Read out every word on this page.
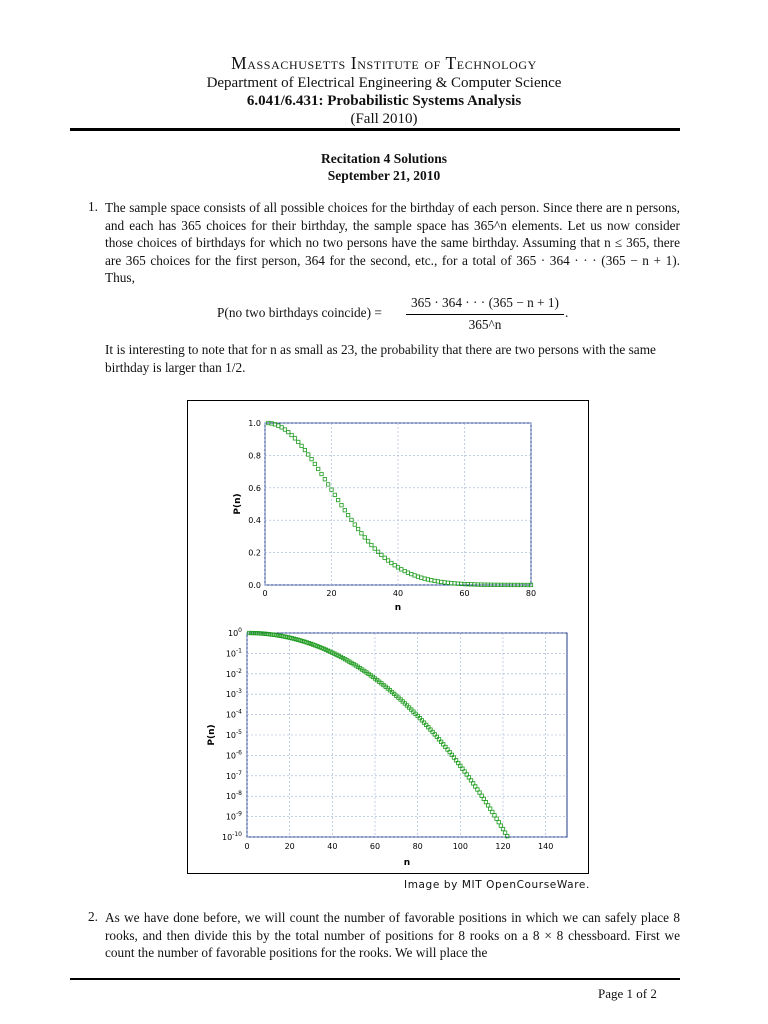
Massachusetts Institute of Technology
Department of Electrical Engineering & Computer Science
6.041/6.431: Probabilistic Systems Analysis
(Fall 2010)
Recitation 4 Solutions
September 21, 2010
1. The sample space consists of all possible choices for the birthday of each person. Since there are n persons, and each has 365 choices for their birthday, the sample space has 365^n elements. Let us now consider those choices of birthdays for which no two persons have the same birthday. Assuming that n ≤ 365, there are 365 choices for the first person, 364 for the second, etc., for a total of 365 · 364 · · · (365 − n + 1). Thus,
P(no two birthdays coincide) =
365 · 364 · · · (365 − n + 1)
365^n
.
It is interesting to note that for n as small as 23, the probability that there are two persons with the same birthday is larger than 1/2.
0	20	40	60	80
0.0
0.2
0.4
0.6
0.8
1.0
n
P(n)
0	20	40	60	80	100	120	140
$10^0$
$10^{-1}$
$10^{-2}$
$10^{-3}$
$10^{-4}$
$10^{-5}$
$10^{-6}$
$10^{-7}$
$10^{-8}$
$10^{-9}$
$10^{-10}$
n
P(n)
Image by MIT OpenCourseWare.
2. As we have done before, we will count the number of favorable positions in which we can safely place 8 rooks, and then divide this by the total number of positions for 8 rooks on a 8 × 8 chessboard. First we count the number of favorable positions for the rooks. We will place the
Page 1 of 2
